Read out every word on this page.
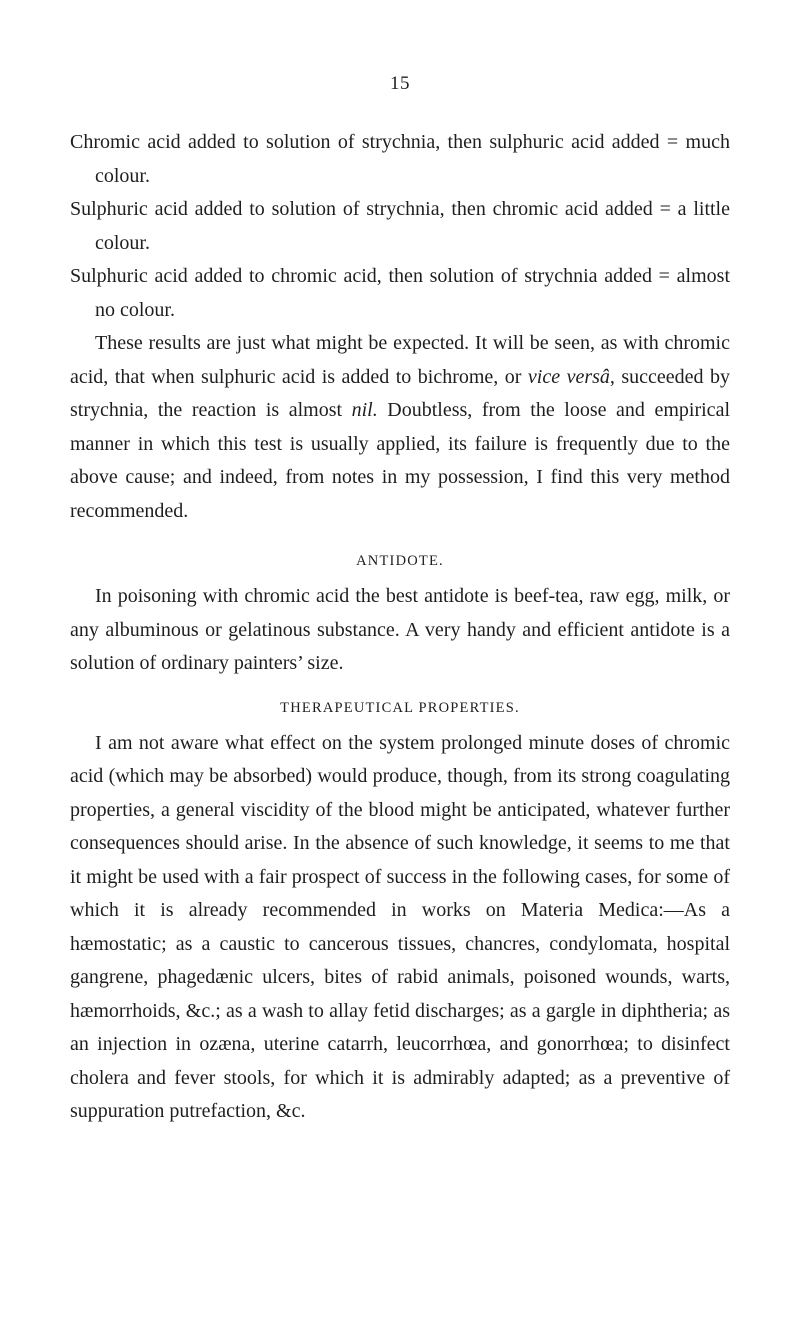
15

Chromic acid added to solution of strychnia, then sulphuric acid added = much colour.

Sulphuric acid added to solution of strychnia, then chromic acid added = a little colour.

Sulphuric acid added to chromic acid, then solution of strychnia added = almost no colour.

These results are just what might be expected. It will be seen, as with chromic acid, that when sulphuric acid is added to bichrome, or vice versâ, succeeded by strychnia, the reaction is almost nil. Doubtless, from the loose and empirical manner in which this test is usually applied, its failure is frequently due to the above cause; and indeed, from notes in my possession, I find this very method recommended.

ANTIDOTE.

In poisoning with chromic acid the best antidote is beef-tea, raw egg, milk, or any albuminous or gelatinous substance. A very handy and efficient antidote is a solution of ordinary painters’ size.

THERAPEUTICAL PROPERTIES.

I am not aware what effect on the system prolonged minute doses of chromic acid (which may be absorbed) would produce, though, from its strong coagulating properties, a general viscidity of the blood might be anticipated, whatever further consequences should arise. In the absence of such knowledge, it seems to me that it might be used with a fair prospect of success in the following cases, for some of which it is already recommended in works on Materia Medica:—As a hæmostatic; as a caustic to cancerous tissues, chancres, condylomata, hospital gangrene, phagedænic ulcers, bites of rabid animals, poisoned wounds, warts, hæmorrhoids, &c.; as a wash to allay fetid discharges; as a gargle in diphtheria; as an injection in ozæna, uterine catarrh, leucorrhœa, and gonorrhœa; to disinfect cholera and fever stools, for which it is admirably adapted; as a preventive of suppuration putrefaction, &c.
